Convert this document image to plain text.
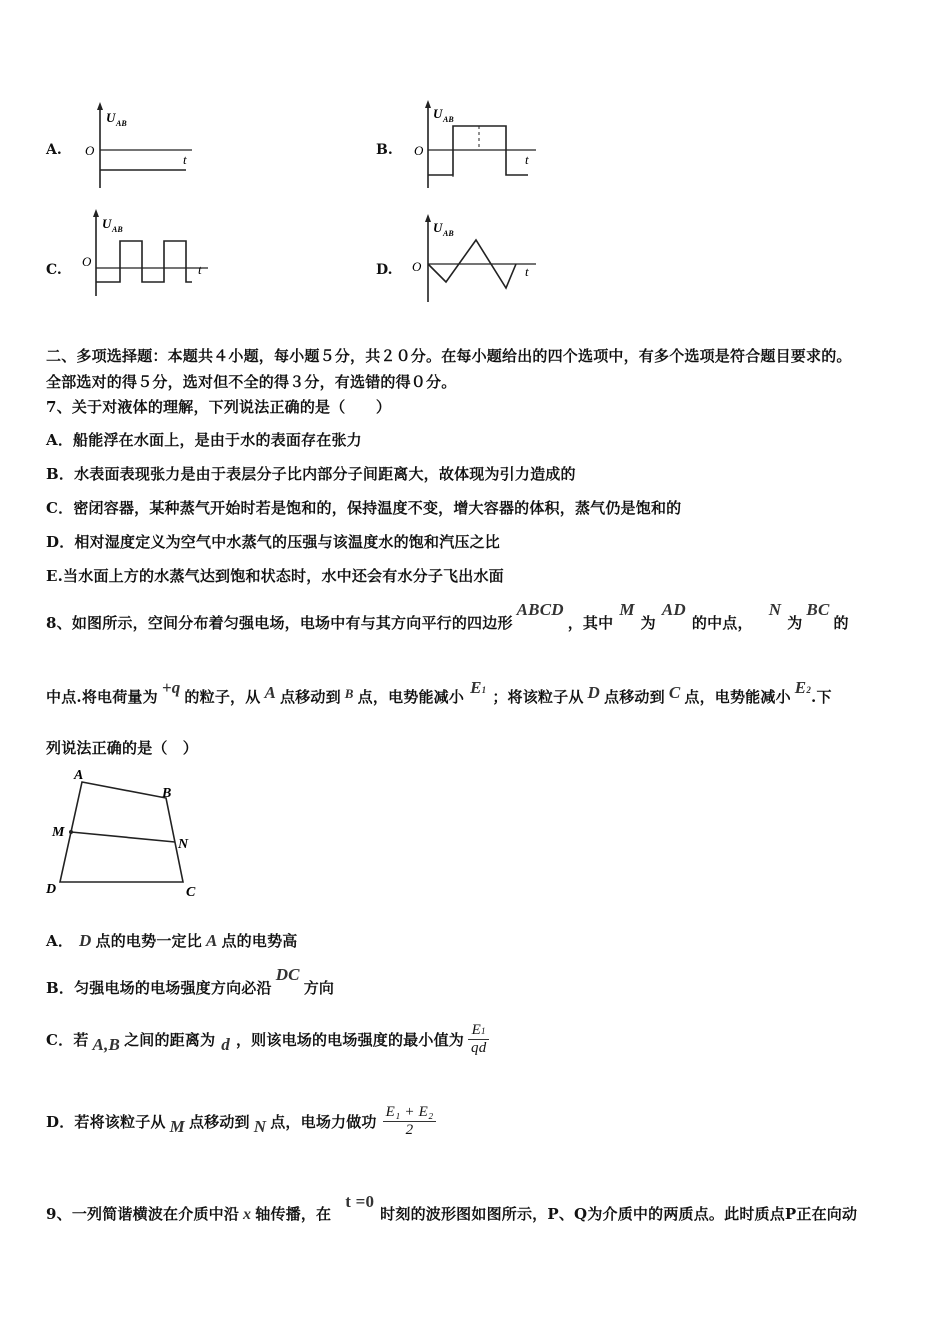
A.
U AB
O
t
B.
U AB
O
t
C.
U AB
O
t	D.
U AB
O	t
二、多项选择题：本题共４小题，每小题５分，共２０分。在每小题给出的四个选项中，有多个选项是符合题目要求的。
全部选对的得５分，选对但不全的得３分，有选错的得０分。
7、关于对液体的理解，下列说法正确的是（　　）
A．船能浮在水面上，是由于水的表面存在张力
B．水表面表现张力是由于表层分子比内部分子间距离大，故体现为引力造成的
C．密闭容器，某种蒸气开始时若是饱和的，保持温度不变，增大容器的体积，蒸气仍是饱和的
D．相对湿度定义为空气中水蒸气的压强与该温度水的饱和汽压之比
E.当水面上方的水蒸气达到饱和状态时，水中还会有水分子飞出水面
8、如图所示，空间分布着匀强电场，电场中有与其方向平行的四边形ABCD，其中M为AD的中点，N为BC的
中点.将电荷量为 +q 的粒子，从 A 点移动到 B 点，电势能减小 E1 ；将该粒子从 D 点移动到 C 点，电势能减小 E2.下
列说法正确的是（　）
A
B
M
N
D	C
A． D 点的电势一定比 A 点的电势高
B．匀强电场的电场强度方向必沿DC方向
C．若 A,B 之间的距离为 d ，则该电场的电场强度的最小值为 $\frac{E1}{qd}$
D．若将该粒子从 M 点移动到 N 点，电场力做功 $\frac{\text{E₁ + E₂}}{2}$
9、一列简谐横波在介质中沿 x 轴传播，在t =0时刻的波形图如图所示，P、Q为介质中的两质点。此时质点P正在向动
